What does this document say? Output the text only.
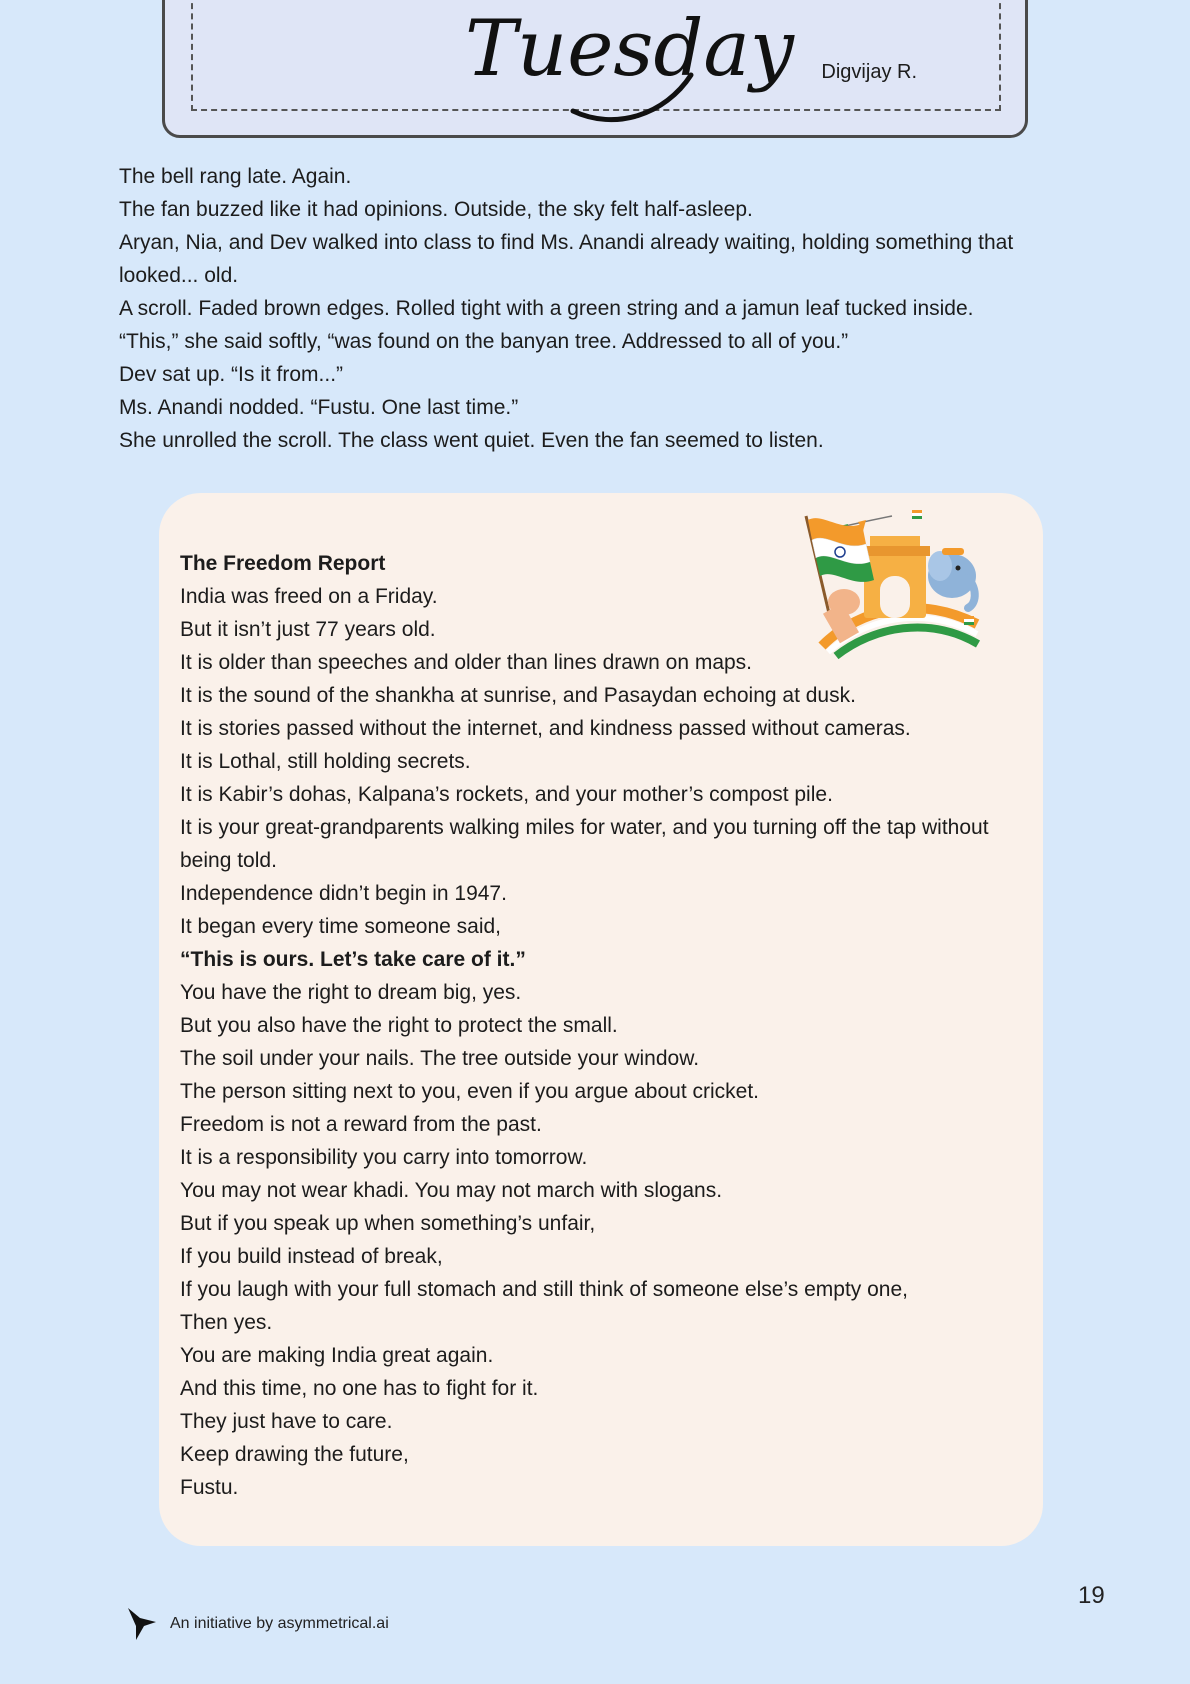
Tuesday Digvijay R.

The bell rang late. Again.

The fan buzzed like it had opinions. Outside, the sky felt half-asleep.

Aryan, Nia, and Dev walked into class to find Ms. Anandi already waiting, holding something that looked... old.

A scroll. Faded brown edges. Rolled tight with a green string and a jamun leaf tucked inside.

“This,” she said softly, “was found on the banyan tree. Addressed to all of you.”

Dev sat up. “Is it from...”

Ms. Anandi nodded. “Fustu. One last time.”

She unrolled the scroll. The class went quiet. Even the fan seemed to listen.

The Freedom Report

India was freed on a Friday.

But it isn’t just 77 years old.

It is older than speeches and older than lines drawn on maps.

It is the sound of the shankha at sunrise, and Pasaydan echoing at dusk.

It is stories passed without the internet, and kindness passed without cameras.

It is Lothal, still holding secrets.

It is Kabir’s dohas, Kalpana’s rockets, and your mother’s compost pile.

It is your great-grandparents walking miles for water, and you turning off the tap without being told.

Independence didn’t begin in 1947.

It began every time someone said,

“This is ours. Let’s take care of it.”

You have the right to dream big, yes.

But you also have the right to protect the small.

The soil under your nails. The tree outside your window.

The person sitting next to you, even if you argue about cricket.

Freedom is not a reward from the past.

It is a responsibility you carry into tomorrow.

You may not wear khadi. You may not march with slogans.

But if you speak up when something’s unfair,

If you build instead of break,

If you laugh with your full stomach and still think of someone else’s empty one,

Then yes.

You are making India great again.

And this time, no one has to fight for it.

They just have to care.

Keep drawing the future,

Fustu.

19
An initiative by asymmetrical.ai
